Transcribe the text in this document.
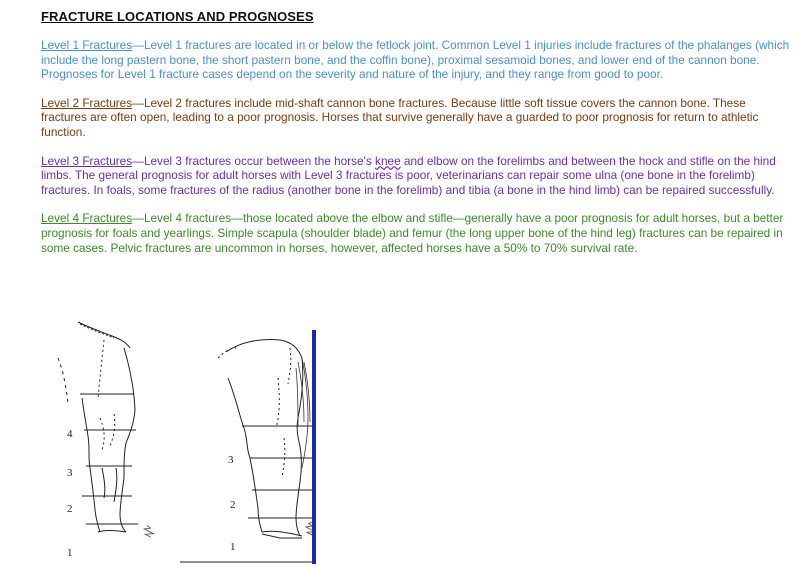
FRACTURE LOCATIONS AND PROGNOSES

Level 1 Fractures—Level 1 fractures are located in or below the fetlock joint. Common Level 1 injuries include fractures of the phalanges (which include the long pastern bone, the short pastern bone, and the coffin bone), proximal sesamoid bones, and lower end of the cannon bone. Prognoses for Level 1 fracture cases depend on the severity and nature of the injury, and they range from good to poor.

Level 2 Fractures—Level 2 fractures include mid-shaft cannon bone fractures. Because little soft tissue covers the cannon bone. These fractures are often open, leading to a poor prognosis. Horses that survive generally have a guarded to poor prognosis for return to athletic function.

Level 3 Fractures—Level 3 fractures occur between the horse's knee and elbow on the forelimbs and between the hock and stifle on the hind limbs. The general prognosis for adult horses with Level 3 fractures is poor, veterinarians can repair some ulna (one bone in the forelimb) fractures. In foals, some fractures of the radius (another bone in the forelimb) and tibia (a bone in the hind limb) can be repaired successfully.

Level 4 Fractures—Level 4 fractures—those located above the elbow and stifle—generally have a poor prognosis for adult horses, but a better prognosis for foals and yearlings. Simple scapula (shoulder blade) and femur (the long upper bone of the hind leg) fractures can be repaired in some cases. Pelvic fractures are uncommon in horses, however, affected horses have a 50% to 70% survival rate.

4
3
2
1
3
2
1
